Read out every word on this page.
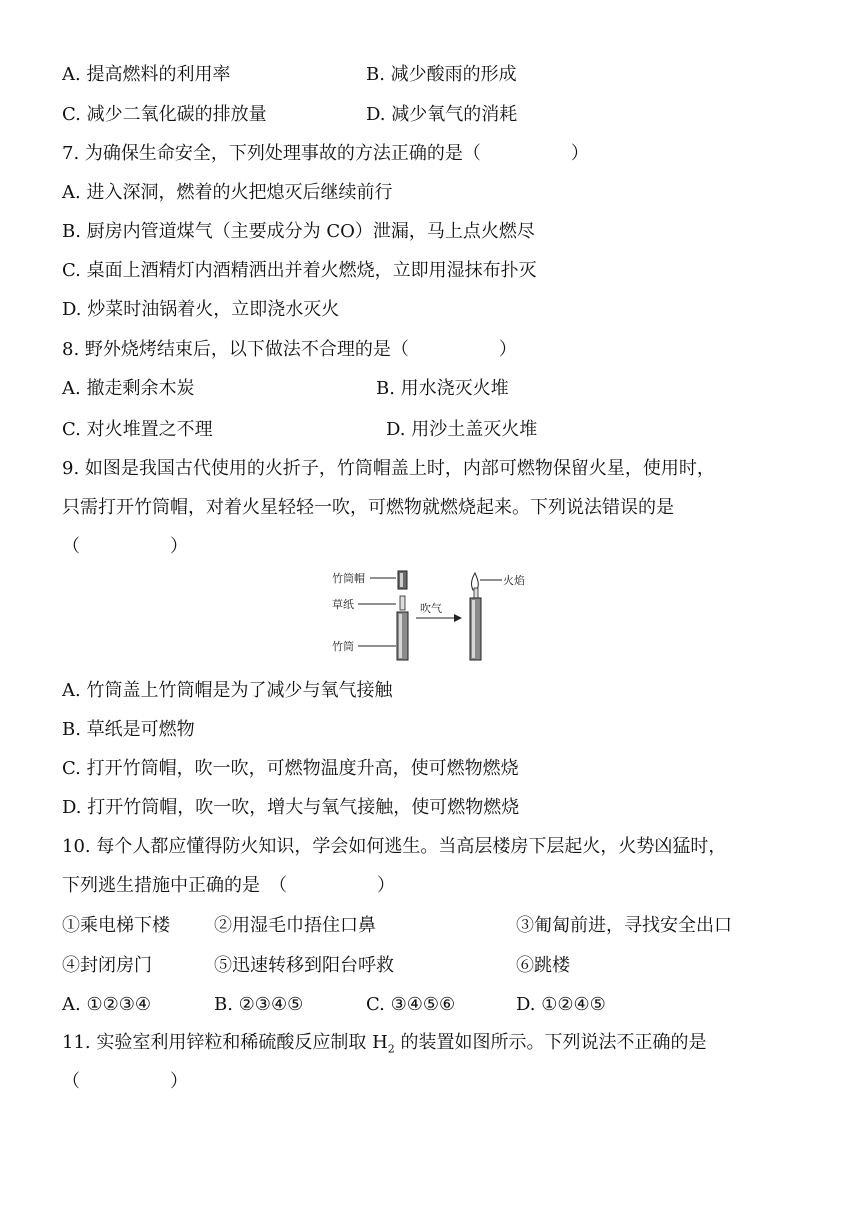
A. 提高燃料的利用率	B. 减少酸雨的形成
C. 减少二氧化碳的排放量	D. 减少氧气的消耗
7. 为确保生命安全，下列处理事故的方法正确的是（　　　　　）
A. 进入深洞，燃着的火把熄灭后继续前行
B. 厨房内管道煤气（主要成分为 CO）泄漏，马上点火燃尽
C. 桌面上酒精灯内酒精洒出并着火燃烧，立即用湿抹布扑灭
D. 炒菜时油锅着火，立即浇水灭火
8. 野外烧烤结束后，以下做法不合理的是（　　　　　）
A. 撤走剩余木炭	B. 用水浇灭火堆
C. 对火堆置之不理	D. 用沙土盖灭火堆
9. 如图是我国古代使用的火折子，竹筒帽盖上时，内部可燃物保留火星，使用时，
只需打开竹筒帽，对着火星轻轻一吹，可燃物就燃烧起来。下列说法错误的是
（　　　　　）
竹筒帽
草纸
竹筒
吹气
火焰
A. 竹筒盖上竹筒帽是为了减少与氧气接触
B. 草纸是可燃物
C. 打开竹筒帽，吹一吹，可燃物温度升高，使可燃物燃烧
D. 打开竹筒帽，吹一吹，增大与氧气接触，使可燃物燃烧
10. 每个人都应懂得防火知识，学会如何逃生。当高层楼房下层起火，火势凶猛时，
下列逃生措施中正确的是　（　　　　　）
①乘电梯下楼 ②用湿毛巾捂住口鼻	③匍匐前进，寻找安全出口
④封闭房门	⑤迅速转移到阳台呼救	⑥跳楼
A. ①②③④	B. ②③④⑤	C. ③④⑤⑥	D. ①②④⑤
11. 实验室利用锌粒和稀硫酸反应制取 $H_2$ 的装置如图所示。下列说法不正确的是
（　　　　　）
